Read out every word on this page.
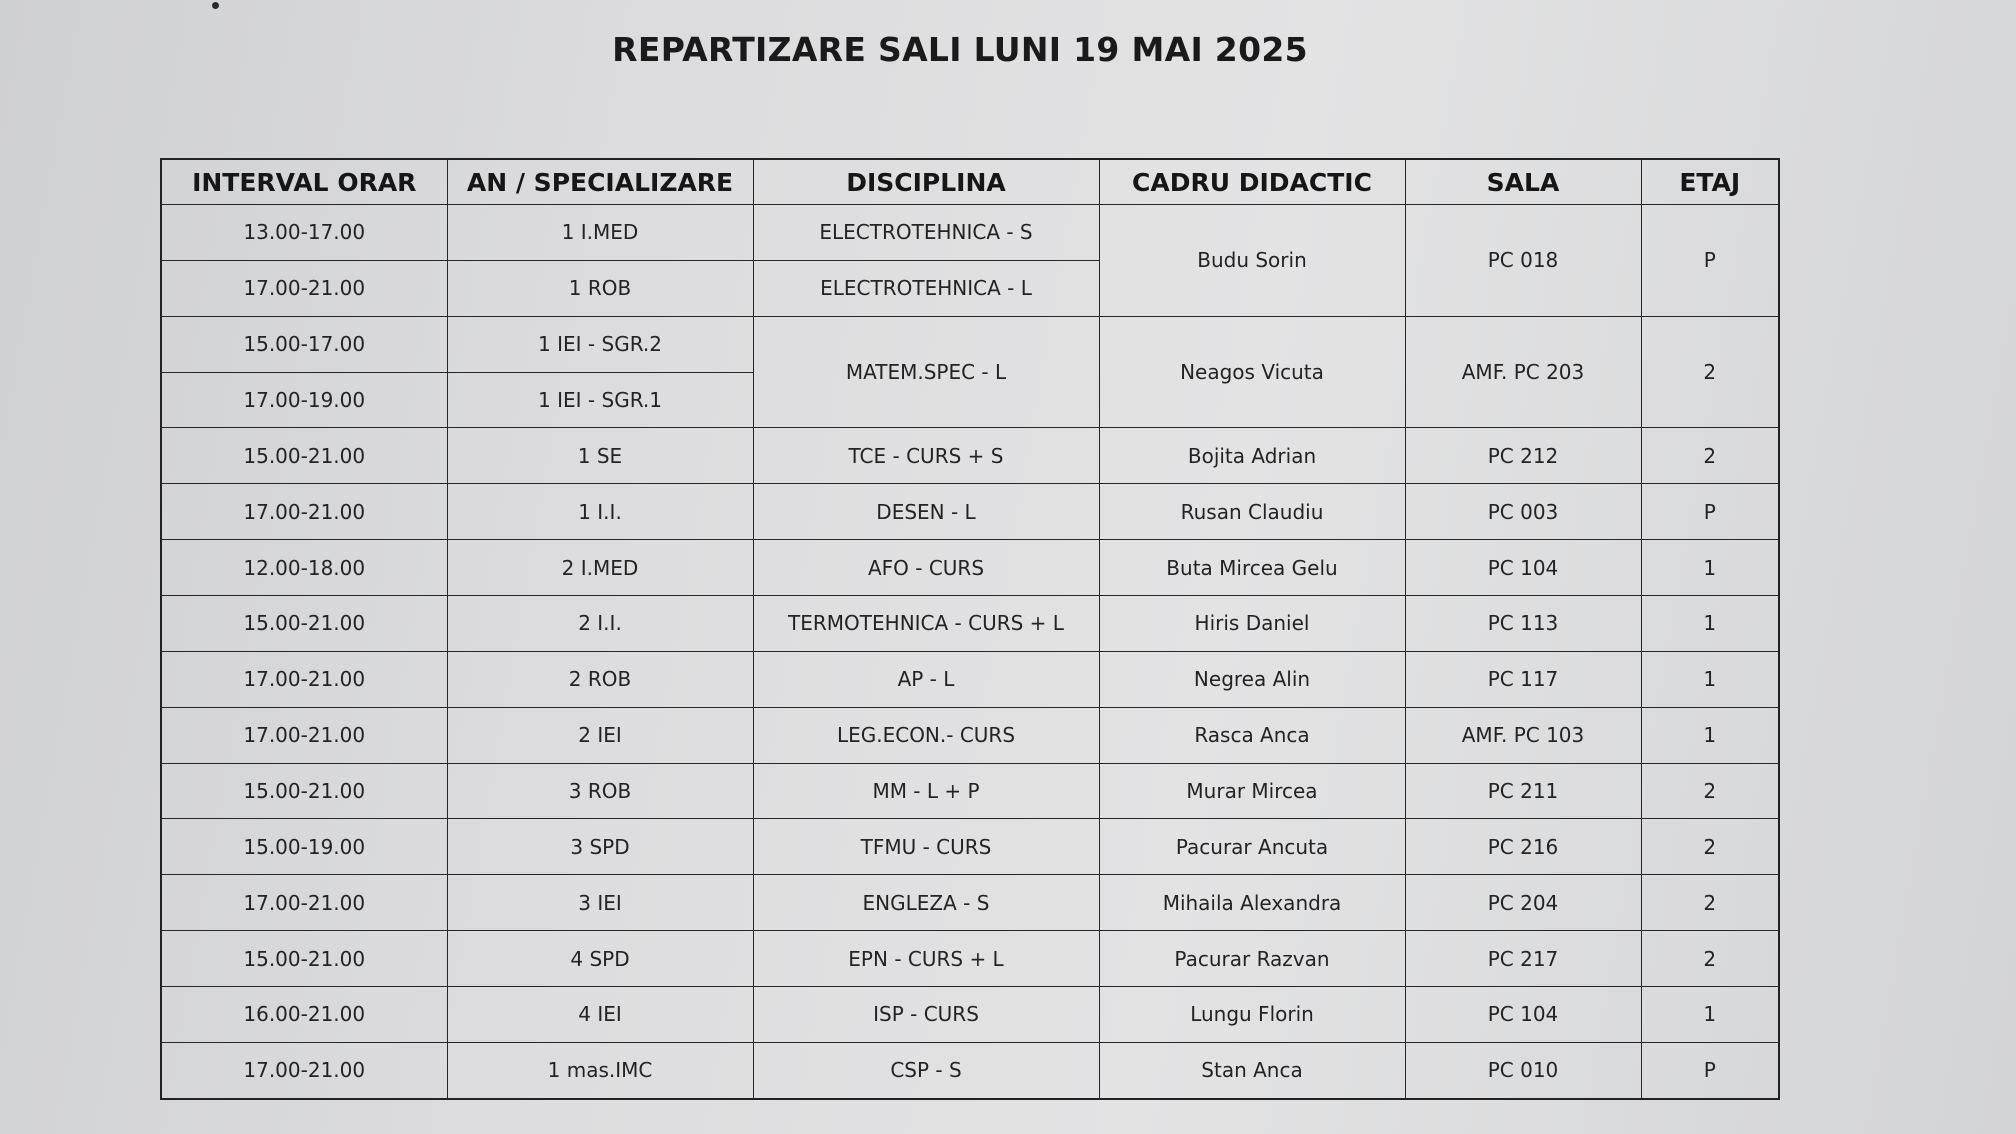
REPARTIZARE SALI LUNI 19 MAI 2025
INTERVAL ORAR	AN / SPECIALIZARE	DISCIPLINA	CADRU DIDACTIC	SALA	ETAJ
13.00-17.00	1 I.MED	ELECTROTEHNICA - S	Budu Sorin	PC 018	P
17.00-21.00	1 ROB	ELECTROTEHNICA - L			
15.00-17.00	1 IEI - SGR.2	MATEM.SPEC - L	Neagos Vicuta	AMF. PC 203	2
17.00-19.00	1 IEI - SGR.1				
15.00-21.00	1 SE	TCE - CURS + S	Bojita Adrian	PC 212	2
17.00-21.00	1 I.I.	DESEN - L	Rusan Claudiu	PC 003	P
12.00-18.00	2 I.MED	AFO - CURS	Buta Mircea Gelu	PC 104	1
15.00-21.00	2 I.I.	TERMOTEHNICA - CURS + L	Hiris Daniel	PC 113	1
17.00-21.00	2 ROB	AP - L	Negrea Alin	PC 117	1
17.00-21.00	2 IEI	LEG.ECON.- CURS	Rasca Anca	AMF. PC 103	1
15.00-21.00	3 ROB	MM - L + P	Murar Mircea	PC 211	2
15.00-19.00	3 SPD	TFMU - CURS	Pacurar Ancuta	PC 216	2
17.00-21.00	3 IEI	ENGLEZA - S	Mihaila Alexandra	PC 204	2
15.00-21.00	4 SPD	EPN - CURS + L	Pacurar Razvan	PC 217	2
16.00-21.00	4 IEI	ISP - CURS	Lungu Florin	PC 104	1
17.00-21.00	1 mas.IMC	CSP - S	Stan Anca	PC 010	P
